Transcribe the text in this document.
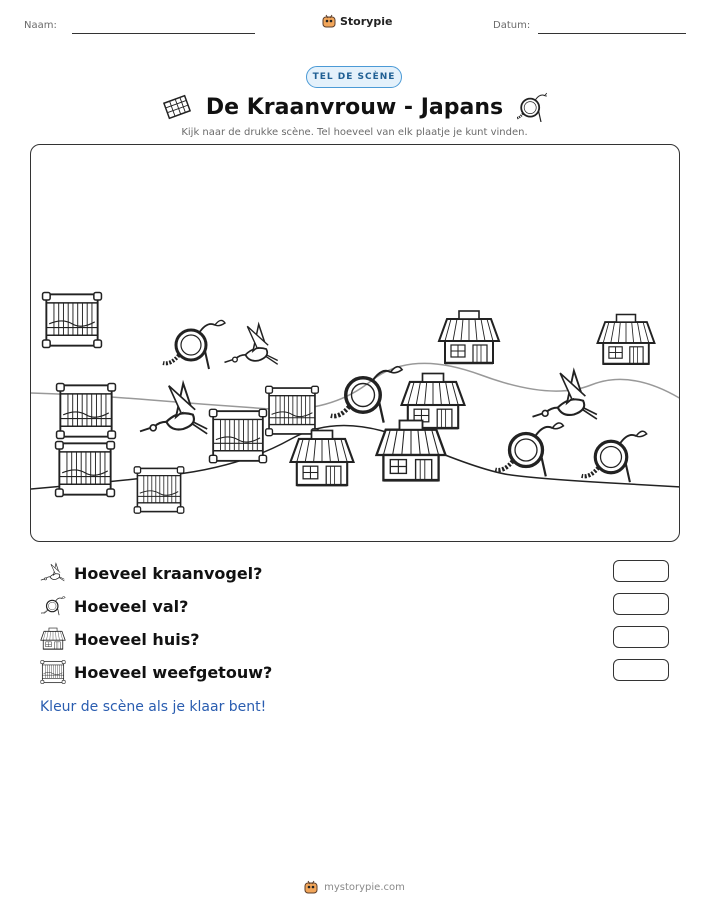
Naam:	Storypie	Datum:
TEL DE SCÈNE
De Kraanvrouw - Japans
Kijk naar de drukke scène. Tel hoeveel van elk plaatje je kunt vinden.
Hoeveel kraanvogel?
Hoeveel val?
Hoeveel huis?
Hoeveel weefgetouw?
Kleur de scène als je klaar bent!
mystorypie.com
